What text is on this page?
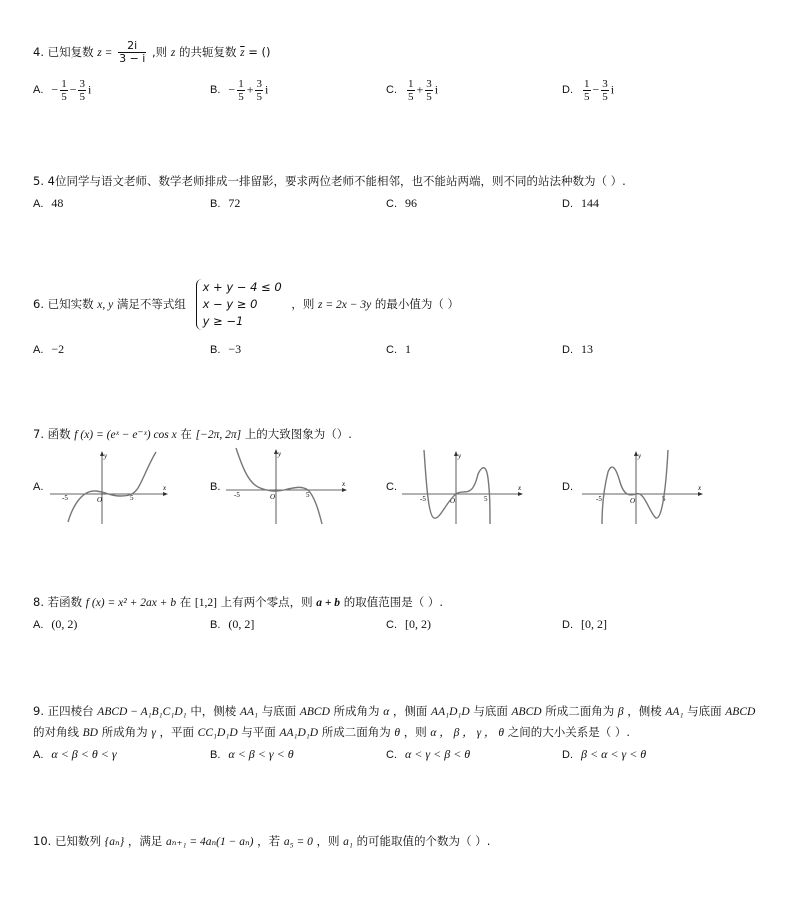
4. 已知复数 $z = \frac{2i}{3 - i}$ ,则 z 的共轭复数 $\overline{z}$ = ()
A. − $\frac{1}{5} - \frac{3}{5}$ i	B. − $\frac{1}{5} + \frac{3}{5}$ i	C. $\frac{1}{5} + \frac{3}{5}$ i	D. $\frac{1}{5} - \frac{3}{5}$ i
5. 4位同学与语文老师、数学老师排成一排留影，要求两位老师不能相邻，也不能站两端，则不同的站法种数为（ ）.
A. 48	B. 72	C. 96	D. 144
6. 已知实数 x, y 满足不等式组
x + y − 4 ≤ 0
x − y ≥ 0
y ≥ −1
，则 z = 2x − 3y 的最小值为（ ）
A. −2	B. −3	C. 1	D. 13
7. 函数 f (x) = (eˣ − e⁻ˣ) cos x 在 [−2π, 2π] 上的大致图象为（）.
A.	B.	C.	D.
y
x
O
-5	5
y
x
O
-5	5
y
x
O
-5	5
y
x
O
-5	5
8. 若函数 f (x) = x² + 2ax + b 在 [1,2] 上有两个零点，则 a + b 的取值范围是（ ）.
A. (0, 2)	B. (0, 2]	C. [0, 2)	D. [0, 2]
9. 正四棱台 ABCD − A₁B₁C₁D₁ 中，侧棱 AA₁ 与底面 ABCD 所成角为 α ，侧面 AA₁D₁D 与底面 ABCD 所成二面角为 β ，侧棱 AA₁ 与底面 ABCD
的对角线 BD 所成角为 γ ，平面 CC₁D₁D 与平面 AA₁D₁D 所成二面角为 θ ，则 α ， β ， γ ， θ 之间的大小关系是（ ）.
A. α < β < θ < γ	B. α < β < γ < θ	C. α < γ < β < θ	D. β < α < γ < θ
10. 已知数列 {aₙ} ，满足 aₙ₊₁ = 4aₙ(1 − aₙ) ，若 a₅ = 0 ，则 a₁ 的可能取值的个数为（ ）.
